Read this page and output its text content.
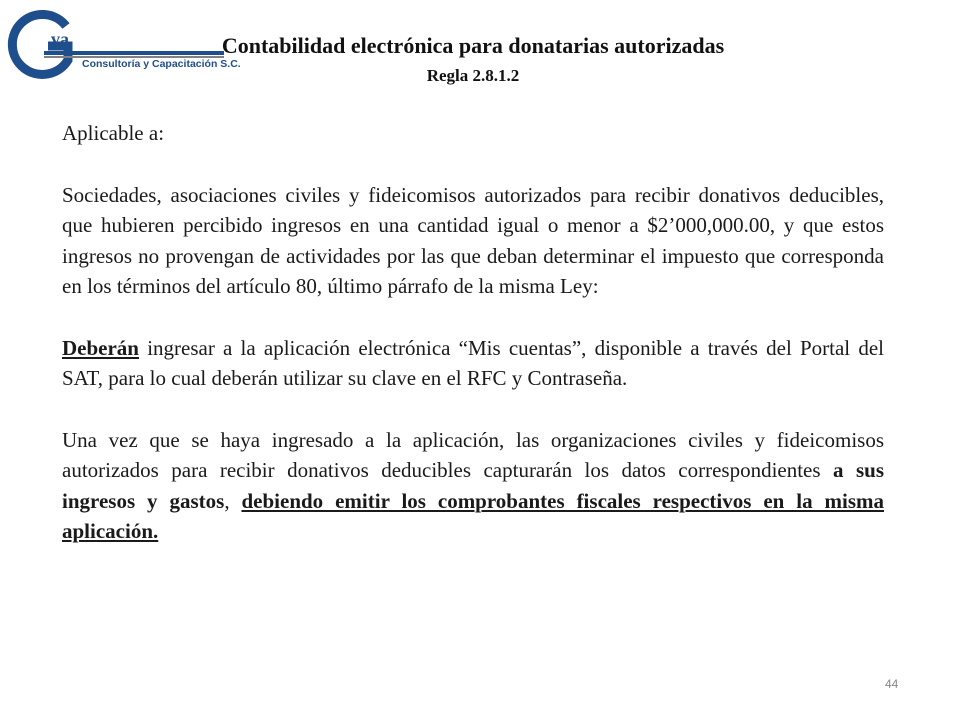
va
Consultoría y Capacitación S.C.
Contabilidad electrónica para donatarias autorizadas
Regla 2.8.1.2

Aplicable a:

Sociedades, asociaciones civiles y fideicomisos autorizados para recibir donativos deducibles, que hubieren percibido ingresos en una cantidad igual o menor a $2’000,000.00, y que estos ingresos no provengan de actividades por las que deban determinar el impuesto que corresponda en los términos del artículo 80, último párrafo de la misma Ley:

Deberán ingresar a la aplicación electrónica “Mis cuentas”, disponible a través del Portal del SAT, para lo cual deberán utilizar su clave en el RFC y Contraseña.

Una vez que se haya ingresado a la aplicación, las organizaciones civiles y fideicomisos autorizados para recibir donativos deducibles capturarán los datos correspondientes a sus ingresos y gastos, debiendo emitir los comprobantes fiscales respectivos en la misma aplicación.

44
